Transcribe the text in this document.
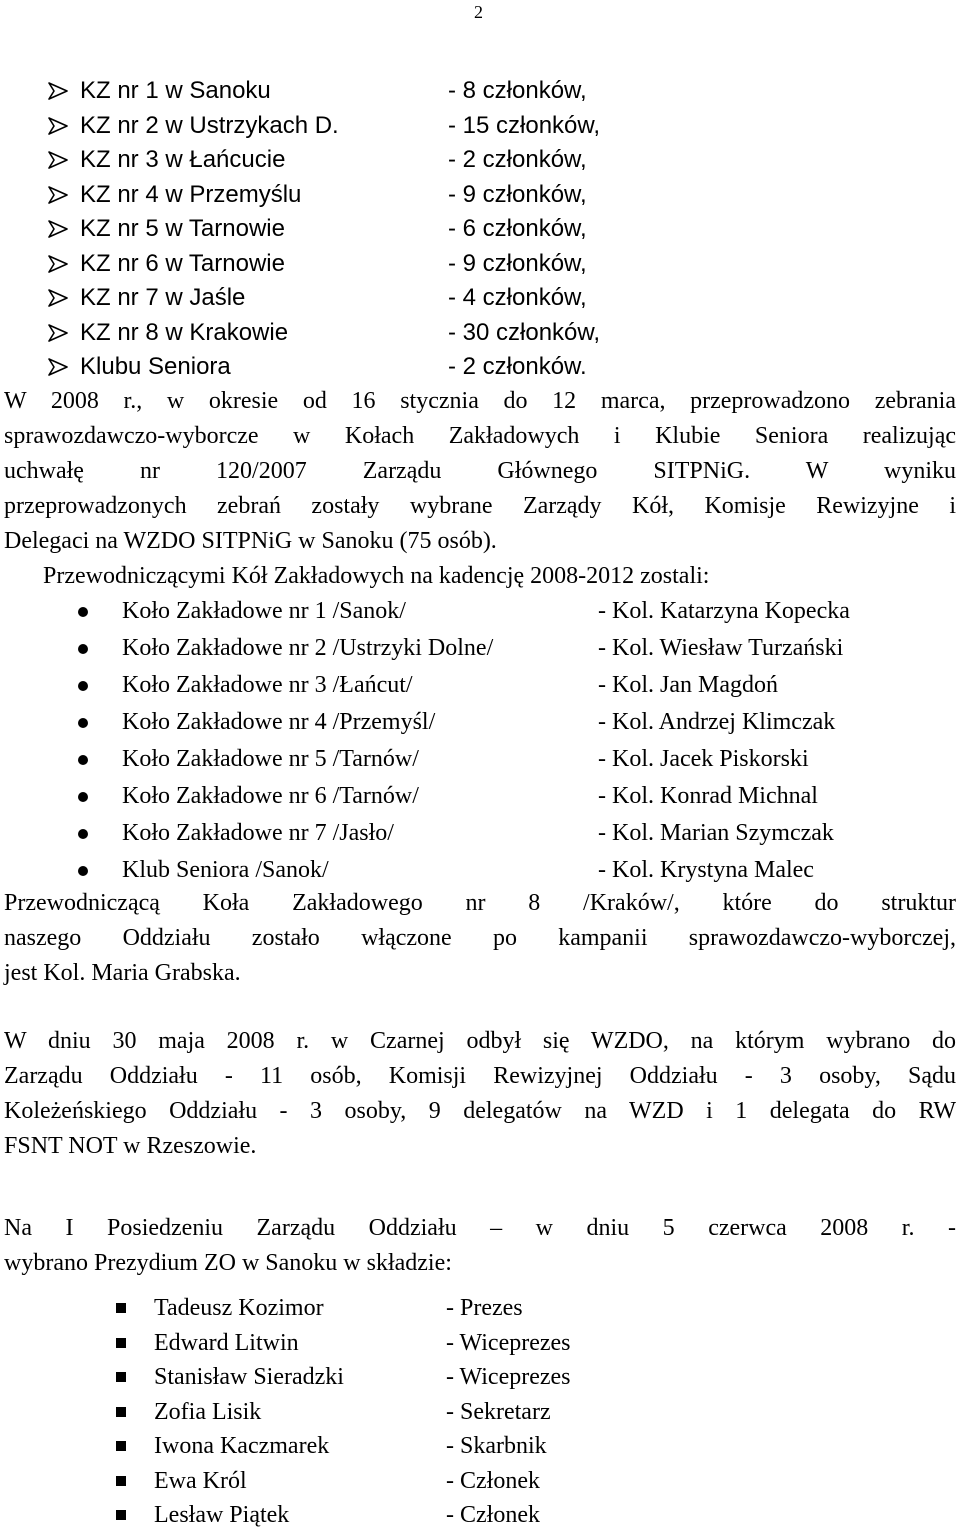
2
KZ nr 1 w Sanoku	- 8 członków,
KZ nr 2 w Ustrzykach D.	- 15 członków,
KZ nr 3 w Łańcucie	- 2 członków,
KZ nr 4 w Przemyślu	- 9 członków,
KZ nr 5 w Tarnowie	- 6 członków,
KZ nr 6 w Tarnowie	- 9 członków,
KZ nr 7 w Jaśle	- 4 członków,
KZ nr 8 w Krakowie	- 30 członków,
Klubu Seniora	- 2 członków.

W 2008 r., w okresie od 16 stycznia do 12 marca, przeprowadzono zebrania
sprawozdawczo-wyborcze w Kołach Zakładowych i Klubie Seniora realizując
uchwałę nr 120/2007 Zarządu Głównego SITPNiG. W wyniku
przeprowadzonych zebrań zostały wybrane Zarządy Kół, Komisje Rewizyjne i
Delegaci na WZDO SITPNiG w Sanoku (75 osób).

Przewodniczącymi Kół Zakładowych na kadencję 2008-2012 zostali:
Koło Zakładowe nr 1 /Sanok/	- Kol. Katarzyna Kopecka
Koło Zakładowe nr 2 /Ustrzyki Dolne/	- Kol. Wiesław Turzański
Koło Zakładowe nr 3 /Łańcut/	- Kol. Jan Magdoń
Koło Zakładowe nr 4 /Przemyśl/	- Kol. Andrzej Klimczak
Koło Zakładowe nr 5 /Tarnów/	- Kol. Jacek Piskorski
Koło Zakładowe nr 6 /Tarnów/	- Kol. Konrad Michnal
Koło Zakładowe nr 7 /Jasło/	- Kol. Marian Szymczak
Klub Seniora /Sanok/	- Kol. Krystyna Malec

Przewodniczącą Koła Zakładowego nr 8 /Kraków/, które do struktur
naszego Oddziału zostało włączone po kampanii sprawozdawczo-wyborczej,
jest Kol. Maria Grabska.

W dniu 30 maja 2008 r. w Czarnej odbył się WZDO, na którym wybrano do
Zarządu Oddziału - 11 osób, Komisji Rewizyjnej Oddziału - 3 osoby, Sądu
Koleżeńskiego Oddziału - 3 osoby, 9 delegatów na WZD i 1 delegata do RW
FSNT NOT w Rzeszowie.

Na I Posiedzeniu Zarządu Oddziału – w dniu 5 czerwca 2008 r. -
wybrano Prezydium ZO w Sanoku w składzie:

Tadeusz Kozimor	- Prezes
Edward Litwin	- Wiceprezes
Stanisław Sieradzki	- Wiceprezes
Zofia Lisik	- Sekretarz
Iwona Kaczmarek	- Skarbnik
Ewa Król	- Członek
Lesław Piątek	- Członek
